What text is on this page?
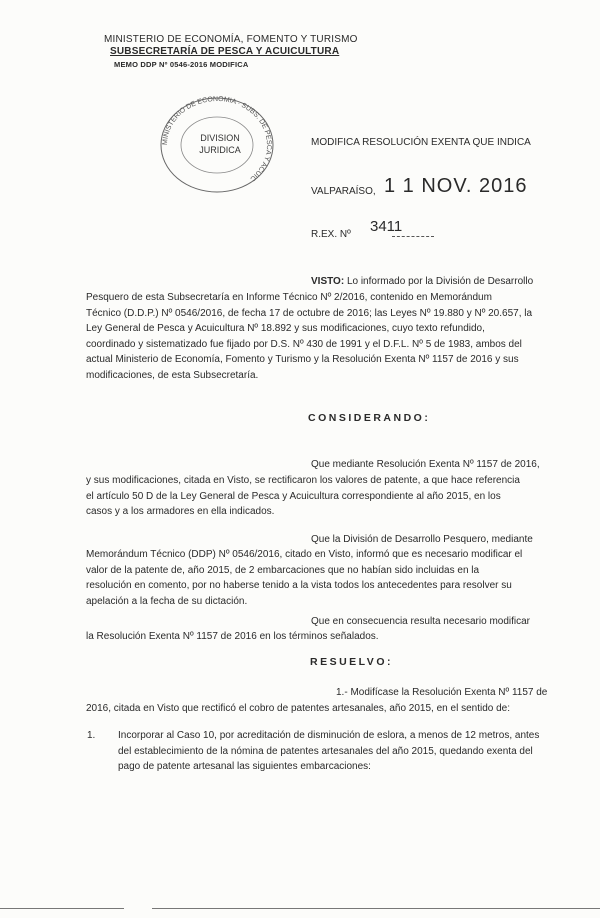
MINISTERIO DE ECONOMÍA, FOMENTO Y TURISMO
SUBSECRETARÍA DE PESCA Y ACUICULTURA
MEMO DDP Nº 0546-2016 MODIFICA
MINISTERIO DE ECONOMIA · SUBS. DE PESCA Y ACUIC
DIVISION
JURIDICA
MODIFICA RESOLUCIÓN EXENTA QUE INDICA
VALPARAÍSO, 1 1 NOV. 2016
R.EX. Nº 3411
VISTO: Lo informado por la División de Desarrollo
Pesquero de esta Subsecretaría en Informe Técnico Nº 2/2016, contenido en Memorándum
Técnico (D.D.P.) Nº 0546/2016, de fecha 17 de octubre de 2016; las Leyes Nº 19.880 y Nº 20.657, la
Ley General de Pesca y Acuicultura Nº 18.892 y sus modificaciones, cuyo texto refundido,
coordinado y sistematizado fue fijado por D.S. Nº 430 de 1991 y el D.F.L. Nº 5 de 1983, ambos del
actual Ministerio de Economía, Fomento y Turismo y la Resolución Exenta Nº 1157 de 2016 y sus
modificaciones, de esta Subsecretaría.
CONSIDERANDO:
Que mediante Resolución Exenta Nº 1157 de 2016,
y sus modificaciones, citada en Visto, se rectificaron los valores de patente, a que hace referencia
el artículo 50 D de la Ley General de Pesca y Acuicultura correspondiente al año 2015, en los
casos y a los armadores en ella indicados.
Que la División de Desarrollo Pesquero, mediante
Memorándum Técnico (DDP) Nº 0546/2016, citado en Visto, informó que es necesario modificar el
valor de la patente de, año 2015, de 2 embarcaciones que no habían sido incluidas en la
resolución en comento, por no haberse tenido a la vista todos los antecedentes para resolver su
apelación a la fecha de su dictación.
Que en consecuencia resulta necesario modificar
la Resolución Exenta Nº 1157 de 2016 en los términos señalados.
RESUELVO:
1.- Modifícase la Resolución Exenta Nº 1157 de
2016, citada en Visto que rectificó el cobro de patentes artesanales, año 2015, en el sentido de:
1. Incorporar al Caso 10, por acreditación de disminución de eslora, a menos de 12 metros, antes
del establecimiento de la nómina de patentes artesanales del año 2015, quedando exenta del
pago de patente artesanal las siguientes embarcaciones:
